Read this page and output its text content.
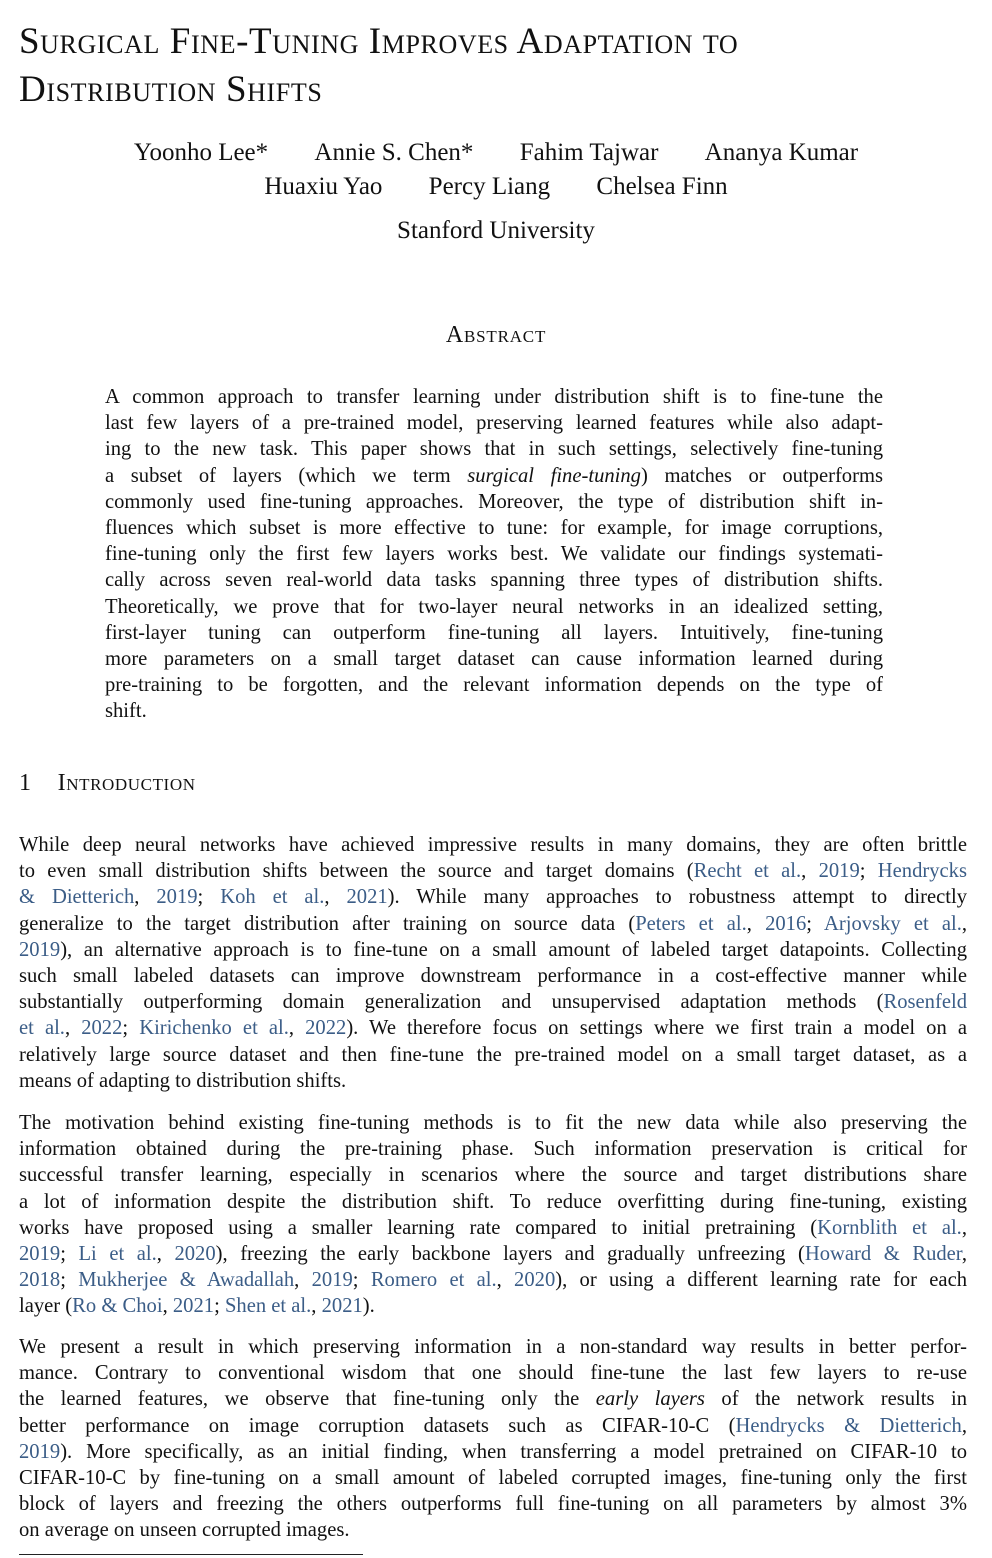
Surgical Fine-Tuning Improves Adaptation to
Distribution Shifts
Yoonho Lee* Annie S. Chen* Fahim Tajwar Ananya Kumar
Huaxiu Yao Percy Liang Chelsea Finn
Stanford University
Abstract
A common approach to transfer learning under distribution shift is to fine-tune the
last few layers of a pre-trained model, preserving learned features while also adapt-
ing to the new task. This paper shows that in such settings, selectively fine-tuning
a subset of layers (which we term surgical fine-tuning) matches or outperforms
commonly used fine-tuning approaches. Moreover, the type of distribution shift in-
fluences which subset is more effective to tune: for example, for image corruptions,
fine-tuning only the first few layers works best. We validate our findings systemati-
cally across seven real-world data tasks spanning three types of distribution shifts.
Theoretically, we prove that for two-layer neural networks in an idealized setting,
first-layer tuning can outperform fine-tuning all layers. Intuitively, fine-tuning
more parameters on a small target dataset can cause information learned during
pre-training to be forgotten, and the relevant information depends on the type of
shift.
1 Introduction
While deep neural networks have achieved impressive results in many domains, they are often brittle
to even small distribution shifts between the source and target domains (Recht et al., 2019; Hendrycks
& Dietterich, 2019; Koh et al., 2021). While many approaches to robustness attempt to directly
generalize to the target distribution after training on source data (Peters et al., 2016; Arjovsky et al.,
2019), an alternative approach is to fine-tune on a small amount of labeled target datapoints. Collecting
such small labeled datasets can improve downstream performance in a cost-effective manner while
substantially outperforming domain generalization and unsupervised adaptation methods (Rosenfeld
et al., 2022; Kirichenko et al., 2022). We therefore focus on settings where we first train a model on a
relatively large source dataset and then fine-tune the pre-trained model on a small target dataset, as a
means of adapting to distribution shifts.
The motivation behind existing fine-tuning methods is to fit the new data while also preserving the
information obtained during the pre-training phase. Such information preservation is critical for
successful transfer learning, especially in scenarios where the source and target distributions share
a lot of information despite the distribution shift. To reduce overfitting during fine-tuning, existing
works have proposed using a smaller learning rate compared to initial pretraining (Kornblith et al.,
2019; Li et al., 2020), freezing the early backbone layers and gradually unfreezing (Howard & Ruder,
2018; Mukherjee & Awadallah, 2019; Romero et al., 2020), or using a different learning rate for each
layer (Ro & Choi, 2021; Shen et al., 2021).
We present a result in which preserving information in a non-standard way results in better perfor-
mance. Contrary to conventional wisdom that one should fine-tune the last few layers to re-use
the learned features, we observe that fine-tuning only the early layers of the network results in
better performance on image corruption datasets such as CIFAR-10-C (Hendrycks & Dietterich,
2019). More specifically, as an initial finding, when transferring a model pretrained on CIFAR-10 to
CIFAR-10-C by fine-tuning on a small amount of labeled corrupted images, fine-tuning only the first
block of layers and freezing the others outperforms full fine-tuning on all parameters by almost 3%
on average on unseen corrupted images.
